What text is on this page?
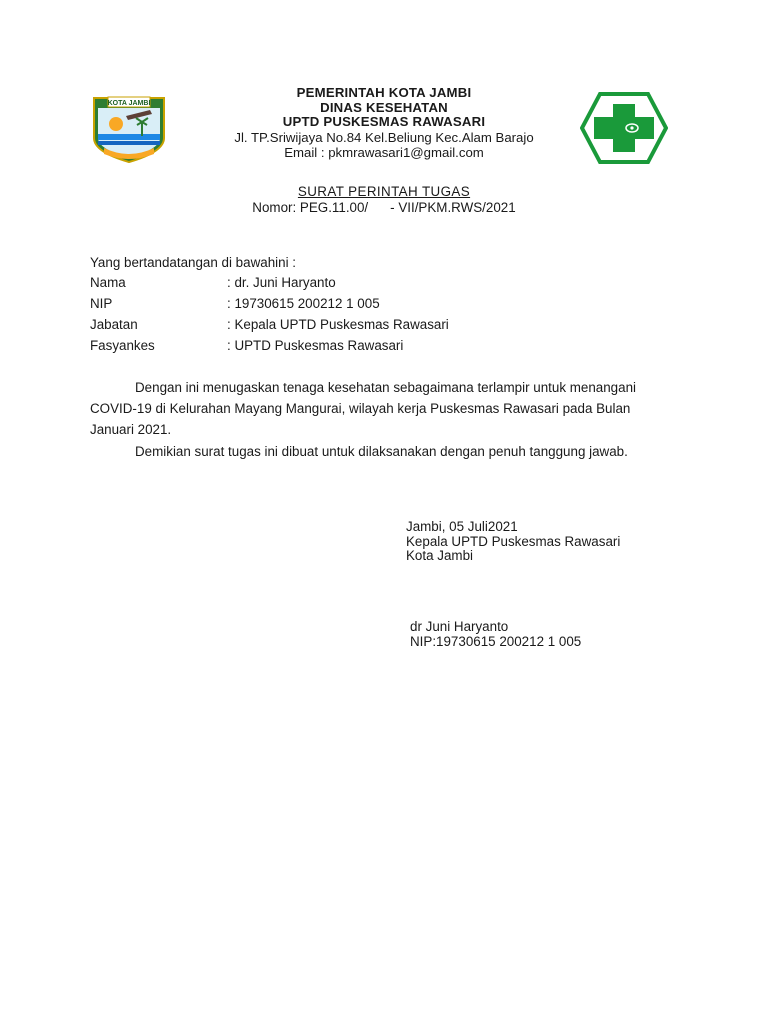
KOTA JAMBI
PEMERINTAH KOTA JAMBI
DINAS KESEHATAN
UPTD PUSKESMAS RAWASARI
Jl. TP.Sriwijaya No.84 Kel.Beliung Kec.Alam Barajo
Email : pkmrawasari1@gmail.com
SURAT PERINTAH TUGAS
Nomor: PEG.11.00/ - VII/PKM.RWS/2021
Yang bertandatangan di bawahini :
Nama	: dr. Juni Haryanto
NIP	: 19730615 200212 1 005
Jabatan	: Kepala UPTD Puskesmas Rawasari
Fasyankes	: UPTD Puskesmas Rawasari
Dengan ini menugaskan tenaga kesehatan sebagaimana terlampir untuk menangani COVID-19 di Kelurahan Mayang Mangurai, wilayah kerja Puskesmas Rawasari pada Bulan Januari 2021.
Demikian surat tugas ini dibuat untuk dilaksanakan dengan penuh tanggung jawab.
Jambi, 05 Juli2021
Kepala UPTD Puskesmas Rawasari
Kota Jambi
dr Juni Haryanto
NIP:19730615 200212 1 005
